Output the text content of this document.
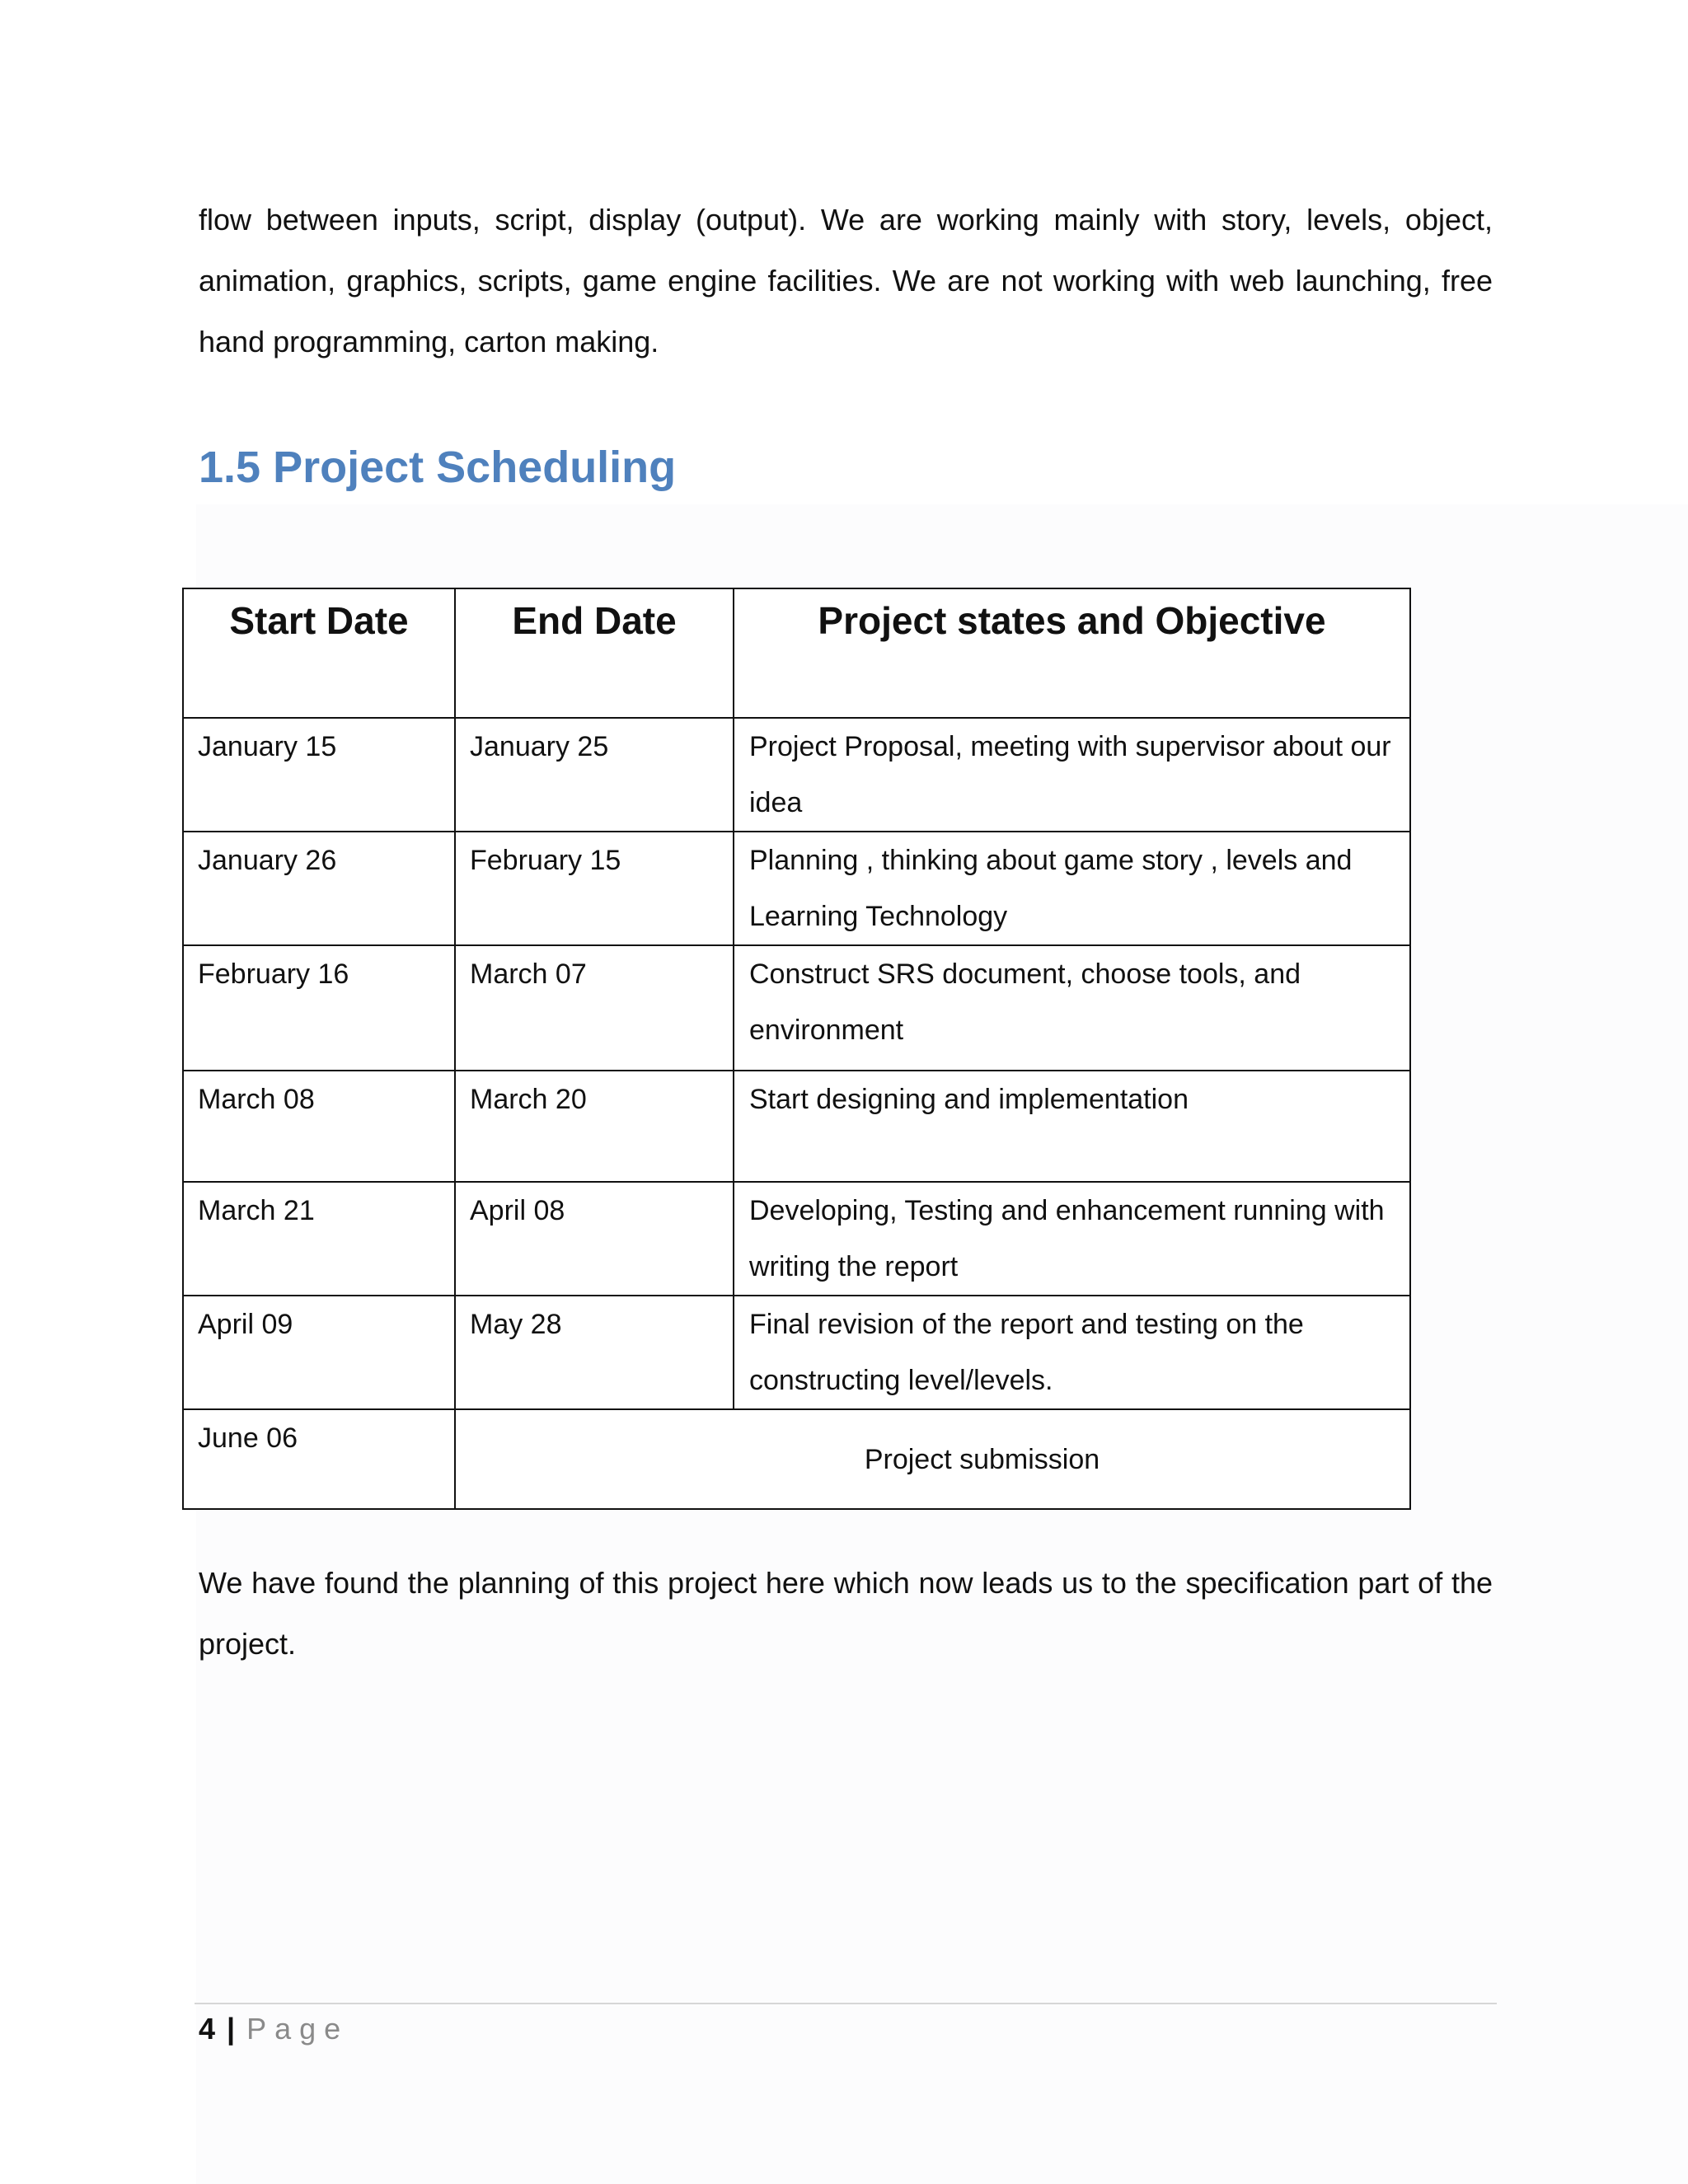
flow between inputs, script, display (output). We are working mainly with story, levels, object, animation, graphics, scripts, game engine facilities. We are not working with web launching, free hand programming, carton making.

1.5 Project Scheduling
Start Date	End Date	Project states and Objective
January 15	January 25	Project Proposal, meeting with supervisor about our idea
January 26	February 15	Planning , thinking about game story , levels and Learning Technology
February 16	March 07	Construct SRS document, choose tools, and environment
March 08	March 20	Start designing and implementation
March 21	April 08	Developing, Testing and enhancement running with writing the report
April 09	May 28	Final revision of the report and testing on the constructing level/levels.
June 06	Project submission	

We have found the planning of this project here which now leads us to the specification part of the project.

4 | Page
